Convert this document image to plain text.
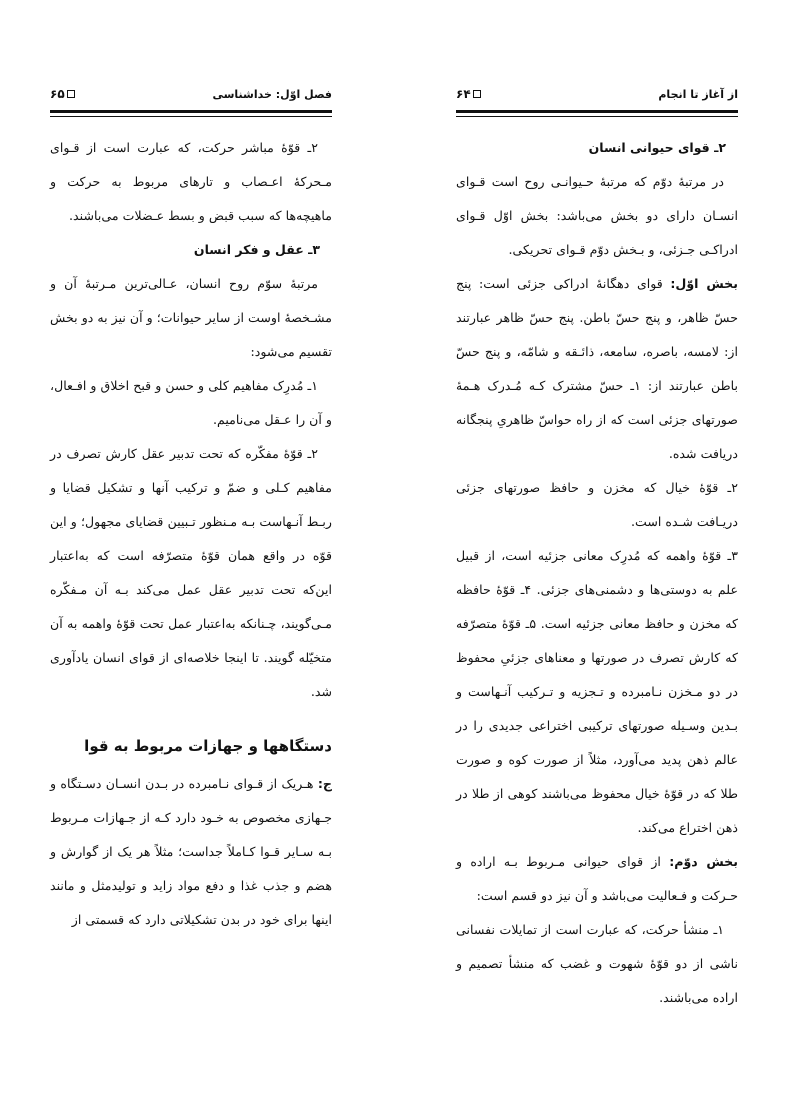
فصل اوّل: خداشناسی
۶۵

۲ـ قوّهٔ مباشر حرکت، که عبارت است از قـوای مـحرکهٔ اعـصاب و تارهای مربوط به حرکت و ماهیچه‌ها که سبب قبض و بسط عـضلات می‌باشند.

۳ـ عقل و فکر انسان

مرتبهٔ سوّم روح انسان، عـالی‌ترین مـرتبهٔ آن و مشـخصهٔ اوست از سایر حیوانات؛ و آن نیز به دو بخش تقسیم می‌شود:

۱ـ مُدرِک مفاهیم کلی و حسن و قبح اخلاق و افـعال، و آن را عـقل می‌نامیم.

۲ـ قوّهٔ مفکّره که تحت تدبیر عقل کارش تصرف در مفاهیم کـلی و ضمّ و ترکیب آنها و تشکیل قضایا و ربـط آنـهاست بـه مـنظور تـبیین قضایای مجهول؛ و این قوّه در واقع همان قوّهٔ متصرّفه است که به‌اعتبار این‌که تحت تدبیر عقل عمل می‌کند بـه آن مـفکّره مـی‌گویند، چـنانکه به‌اعتبار عمل تحت قوّهٔ واهمه به آن متخیّله گویند. تا اینجا خلاصه‌ای از قوای انسان یادآوری شد.

دستگاهها و جهازات مربوط به قوا

ج: هـریک از قـوای نـامبرده در بـدن انسـان دسـتگاه و جـهازی مخصوص به خـود دارد کـه از جـهازات مـربوط بـه سـایر قـوا کـاملاً جداست؛ مثلاً هر یک از گوارش و هضم و جذب غذا و دفع مواد زاید و تولیدمثل و مانند اینها برای خود در بدن تشکیلاتی دارد که قسمتی از

از آغاز تا انجام
۶۴

۲ـ قوای حیوانی انسان

در مرتبهٔ دوّم که مرتبهٔ حـیوانـی روح است قـوای انسـان دارای دو بخش می‌باشد: بخش اوّل قـوای ادراکـی جـزئی، و بـخش دوّم قـوای تحریکی.

بخش اوّل: قوای دهگانهٔ ادراکی جزئی است: پنج حسّ ظاهر، و پنج حسّ باطن. پنج حسّ ظاهر عبارتند از: لامسه، باصره، سامعه، ذائـقه و شامّه، و پنج حسّ باطن عبارتند از: ۱ـ حسّ مشترک کـه مُـدرک هـمهٔ صورتهای جزئی است که از راه حواسّ ظاهریِ پنجگانه دریافت شده.

۲ـ قوّهٔ خیال که مخزن و حافظ صورتهای جزئی دریـافت شـده است.

۳ـ قوّهٔ واهمه که مُدرِک معانی جزئیه است، از قبیل علم به دوستی‌ها و دشمنی‌های جزئی. ۴ـ قوّهٔ حافظه که مخزن و حافظ معانی جزئیه است. ۵ـ قوّهٔ متصرّفه که کارش تصرف در صورتها و معناهای جزئیِ محفوظ در دو مـخزن نـامبرده و تـجزیه و تـرکیب آنـهاست و بـدین وسـیله صورتهای ترکیبی اختراعی جدیدی را در عالم ذهن پدید می‌آورد، مثلاً از صورت کوه و صورت طلا که در قوّهٔ خیال محفوظ می‌باشند کوهی از طلا در ذهن اختراع می‌کند.

بخش دوّم: از قوای حیوانی مـربوط بـه اراده و حـرکت و فـعالیت می‌باشد و آن نیز دو قسم است:

۱ـ منشأ حرکت، که عبارت است از تمایلات نفسانی ناشی از دو قوّهٔ شهوت و غضب که منشأ تصمیم و اراده می‌باشند.
